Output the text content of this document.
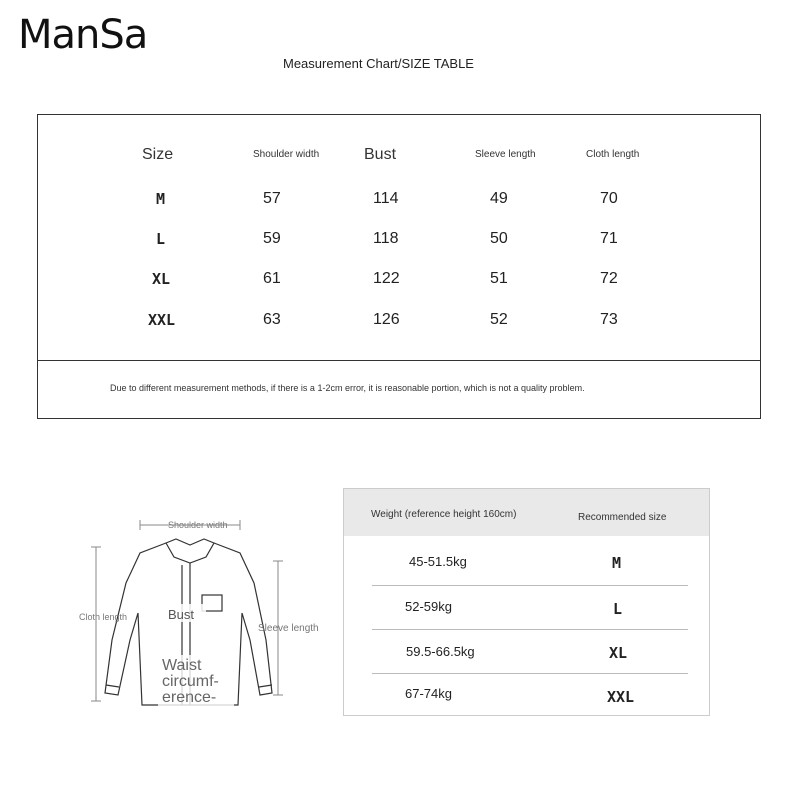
ManSa
Measurement Chart/SIZE TABLE
Size	Shoulder width	Bust	Sleeve length	Cloth length
M	57	114	49	70
L	59	118	50	71
XL	61	122	51	72
XXL	63	126	52	73
Due to different measurement methods, if there is a 1-2cm error, it is reasonable portion, which is not a quality problem.
Shoulder width
Cloth length	Bust
Sleeve length
Waist
circumf-
erence-
Weight (reference height 160cm)	Recommended size
45-51.5kg	M
52-59kg	L
59.5-66.5kg	XL
67-74kg	XXL
